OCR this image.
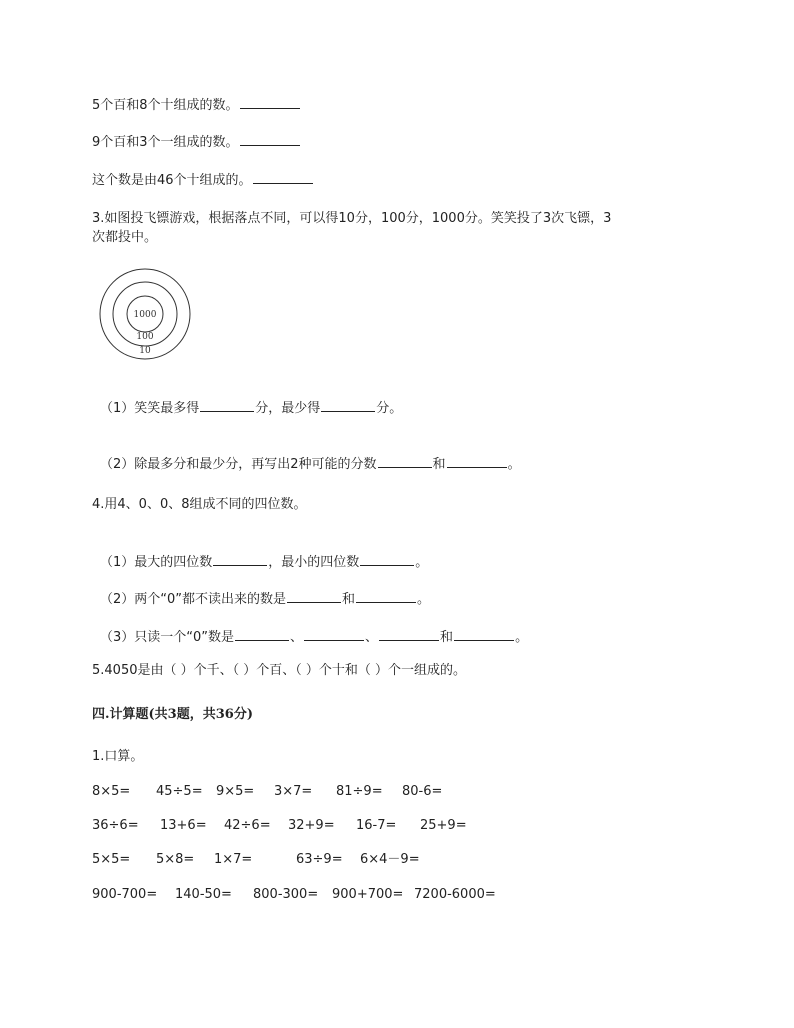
5个百和8个十组成的数。
9个百和3个一组成的数。
这个数是由46个十组成的。
3.如图投飞镖游戏，根据落点不同，可以得10分，100分，1000分。笑笑投了3次飞镖，3
次都投中。
1000
100
10
（1）笑笑最多得	分，最少得	分。
（2）除最多分和最少分，再写出2种可能的分数	和	。
4.用4、0、0、8组成不同的四位数。
（1）最大的四位数	，最小的四位数	。
（2）两个“0”都不读出来的数是	和	。
（3）只读一个“0”数是	、	、	和	。
5.4050是由（ ）个千、（ ）个百、（ ）个十和（ ）个一组成的。
四.计算题(共3题，共36分)
1.口算。
8×5= 45÷5= 9×5= 3×7= 81÷9= 80-6=
36÷6= 13+6= 42÷6= 32+9= 16-7= 25+9=
5×5= 5×8= 1×7=	63÷9= 6×4－9=
900-700= 140-50= 800-300= 900+700= 7200-6000=
